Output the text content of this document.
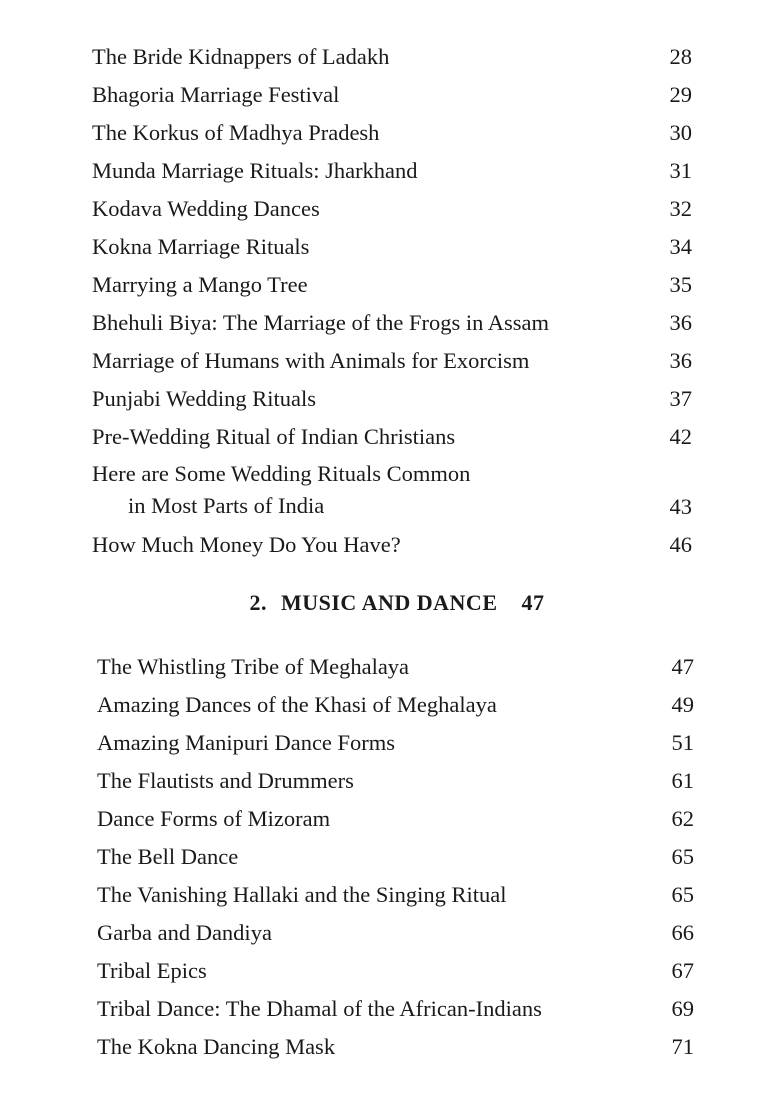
The Bride Kidnappers of Ladakh	28
Bhagoria Marriage Festival	29
The Korkus of Madhya Pradesh	30
Munda Marriage Rituals: Jharkhand	31
Kodava Wedding Dances	32
Kokna Marriage Rituals	34
Marrying a Mango Tree	35
Bhehuli Biya: The Marriage of the Frogs in Assam	36
Marriage of Humans with Animals for Exorcism	36
Punjabi Wedding Rituals	37
Pre-Wedding Ritual of Indian Christians	42
Here are Some Wedding Rituals Common
in Most Parts of India	43
How Much Money Do You Have?	46
2. MUSIC AND DANCE 47
The Whistling Tribe of Meghalaya	47
Amazing Dances of the Khasi of Meghalaya	49
Amazing Manipuri Dance Forms	51
The Flautists and Drummers	61
Dance Forms of Mizoram	62
The Bell Dance	65
The Vanishing Hallaki and the Singing Ritual	65
Garba and Dandiya	66
Tribal Epics	67
Tribal Dance: The Dhamal of the African-Indians	69
The Kokna Dancing Mask	71
